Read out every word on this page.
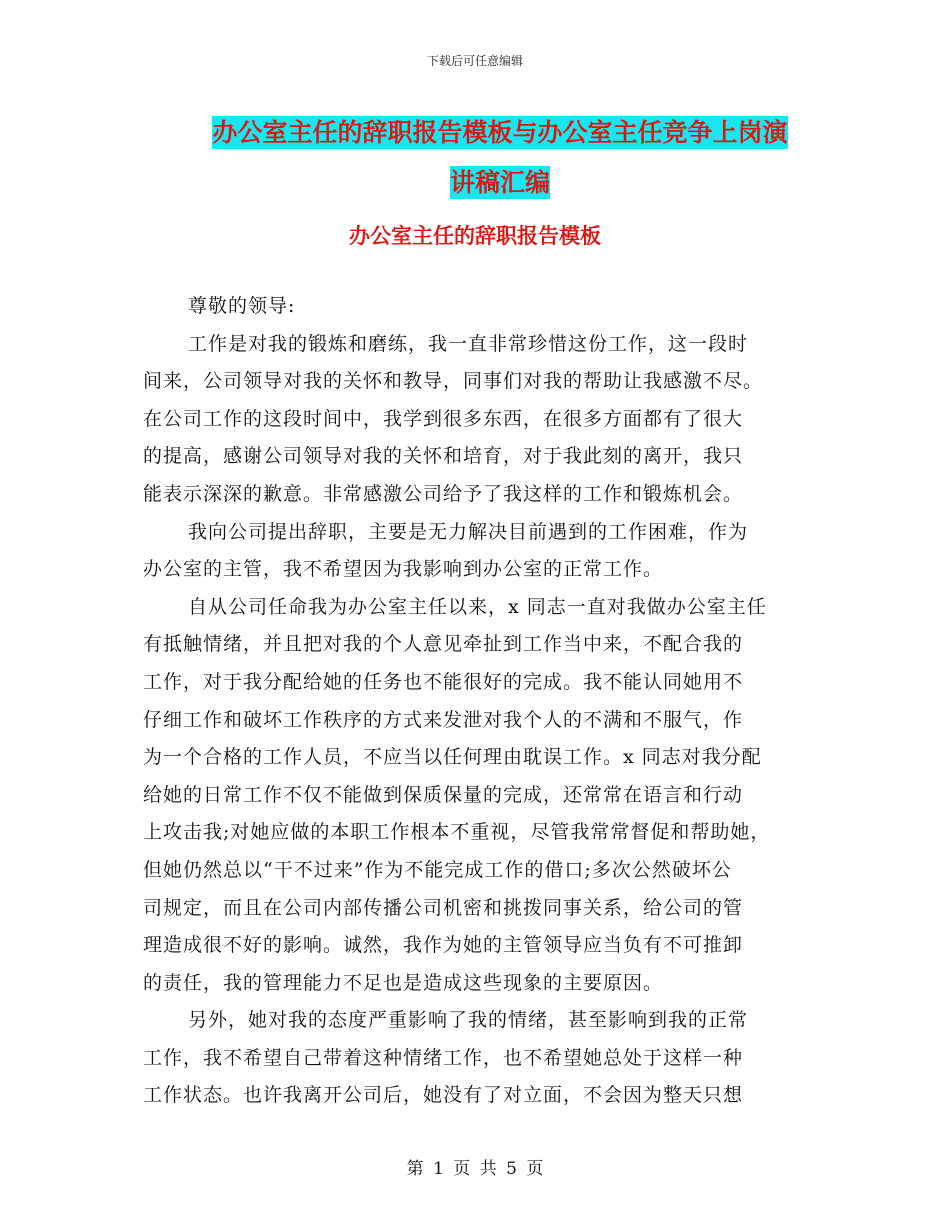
下载后可任意编辑
办公室主任的辞职报告模板与办公室主任竞争上岗演
讲稿汇编
办公室主任的辞职报告模板
尊敬的领导:
工作是对我的锻炼和磨练，我一直非常珍惜这份工作，这一段时
间来，公司领导对我的关怀和教导，同事们对我的帮助让我感激不尽。
在公司工作的这段时间中，我学到很多东西，在很多方面都有了很大
的提高，感谢公司领导对我的关怀和培育，对于我此刻的离开，我只
能表示深深的歉意。非常感激公司给予了我这样的工作和锻炼机会。
我向公司提出辞职，主要是无力解决目前遇到的工作困难，作为
办公室的主管，我不希望因为我影响到办公室的正常工作。
自从公司任命我为办公室主任以来，x 同志一直对我做办公室主任
有抵触情绪，并且把对我的个人意见牵扯到工作当中来，不配合我的
工作，对于我分配给她的任务也不能很好的完成。我不能认同她用不
仔细工作和破坏工作秩序的方式来发泄对我个人的不满和不服气，作
为一个合格的工作人员，不应当以任何理由耽误工作。x 同志对我分配
给她的日常工作不仅不能做到保质保量的完成，还常常在语言和行动
上攻击我;对她应做的本职工作根本不重视，尽管我常常督促和帮助她，
但她仍然总以“干不过来”作为不能完成工作的借口;多次公然破坏公
司规定，而且在公司内部传播公司机密和挑拨同事关系，给公司的管
理造成很不好的影响。诚然，我作为她的主管领导应当负有不可推卸
的责任，我的管理能力不足也是造成这些现象的主要原因。
另外，她对我的态度严重影响了我的情绪，甚至影响到我的正常
工作，我不希望自己带着这种情绪工作，也不希望她总处于这样一种
工作状态。也许我离开公司后，她没有了对立面，不会因为整天只想
第 1 页 共 5 页
